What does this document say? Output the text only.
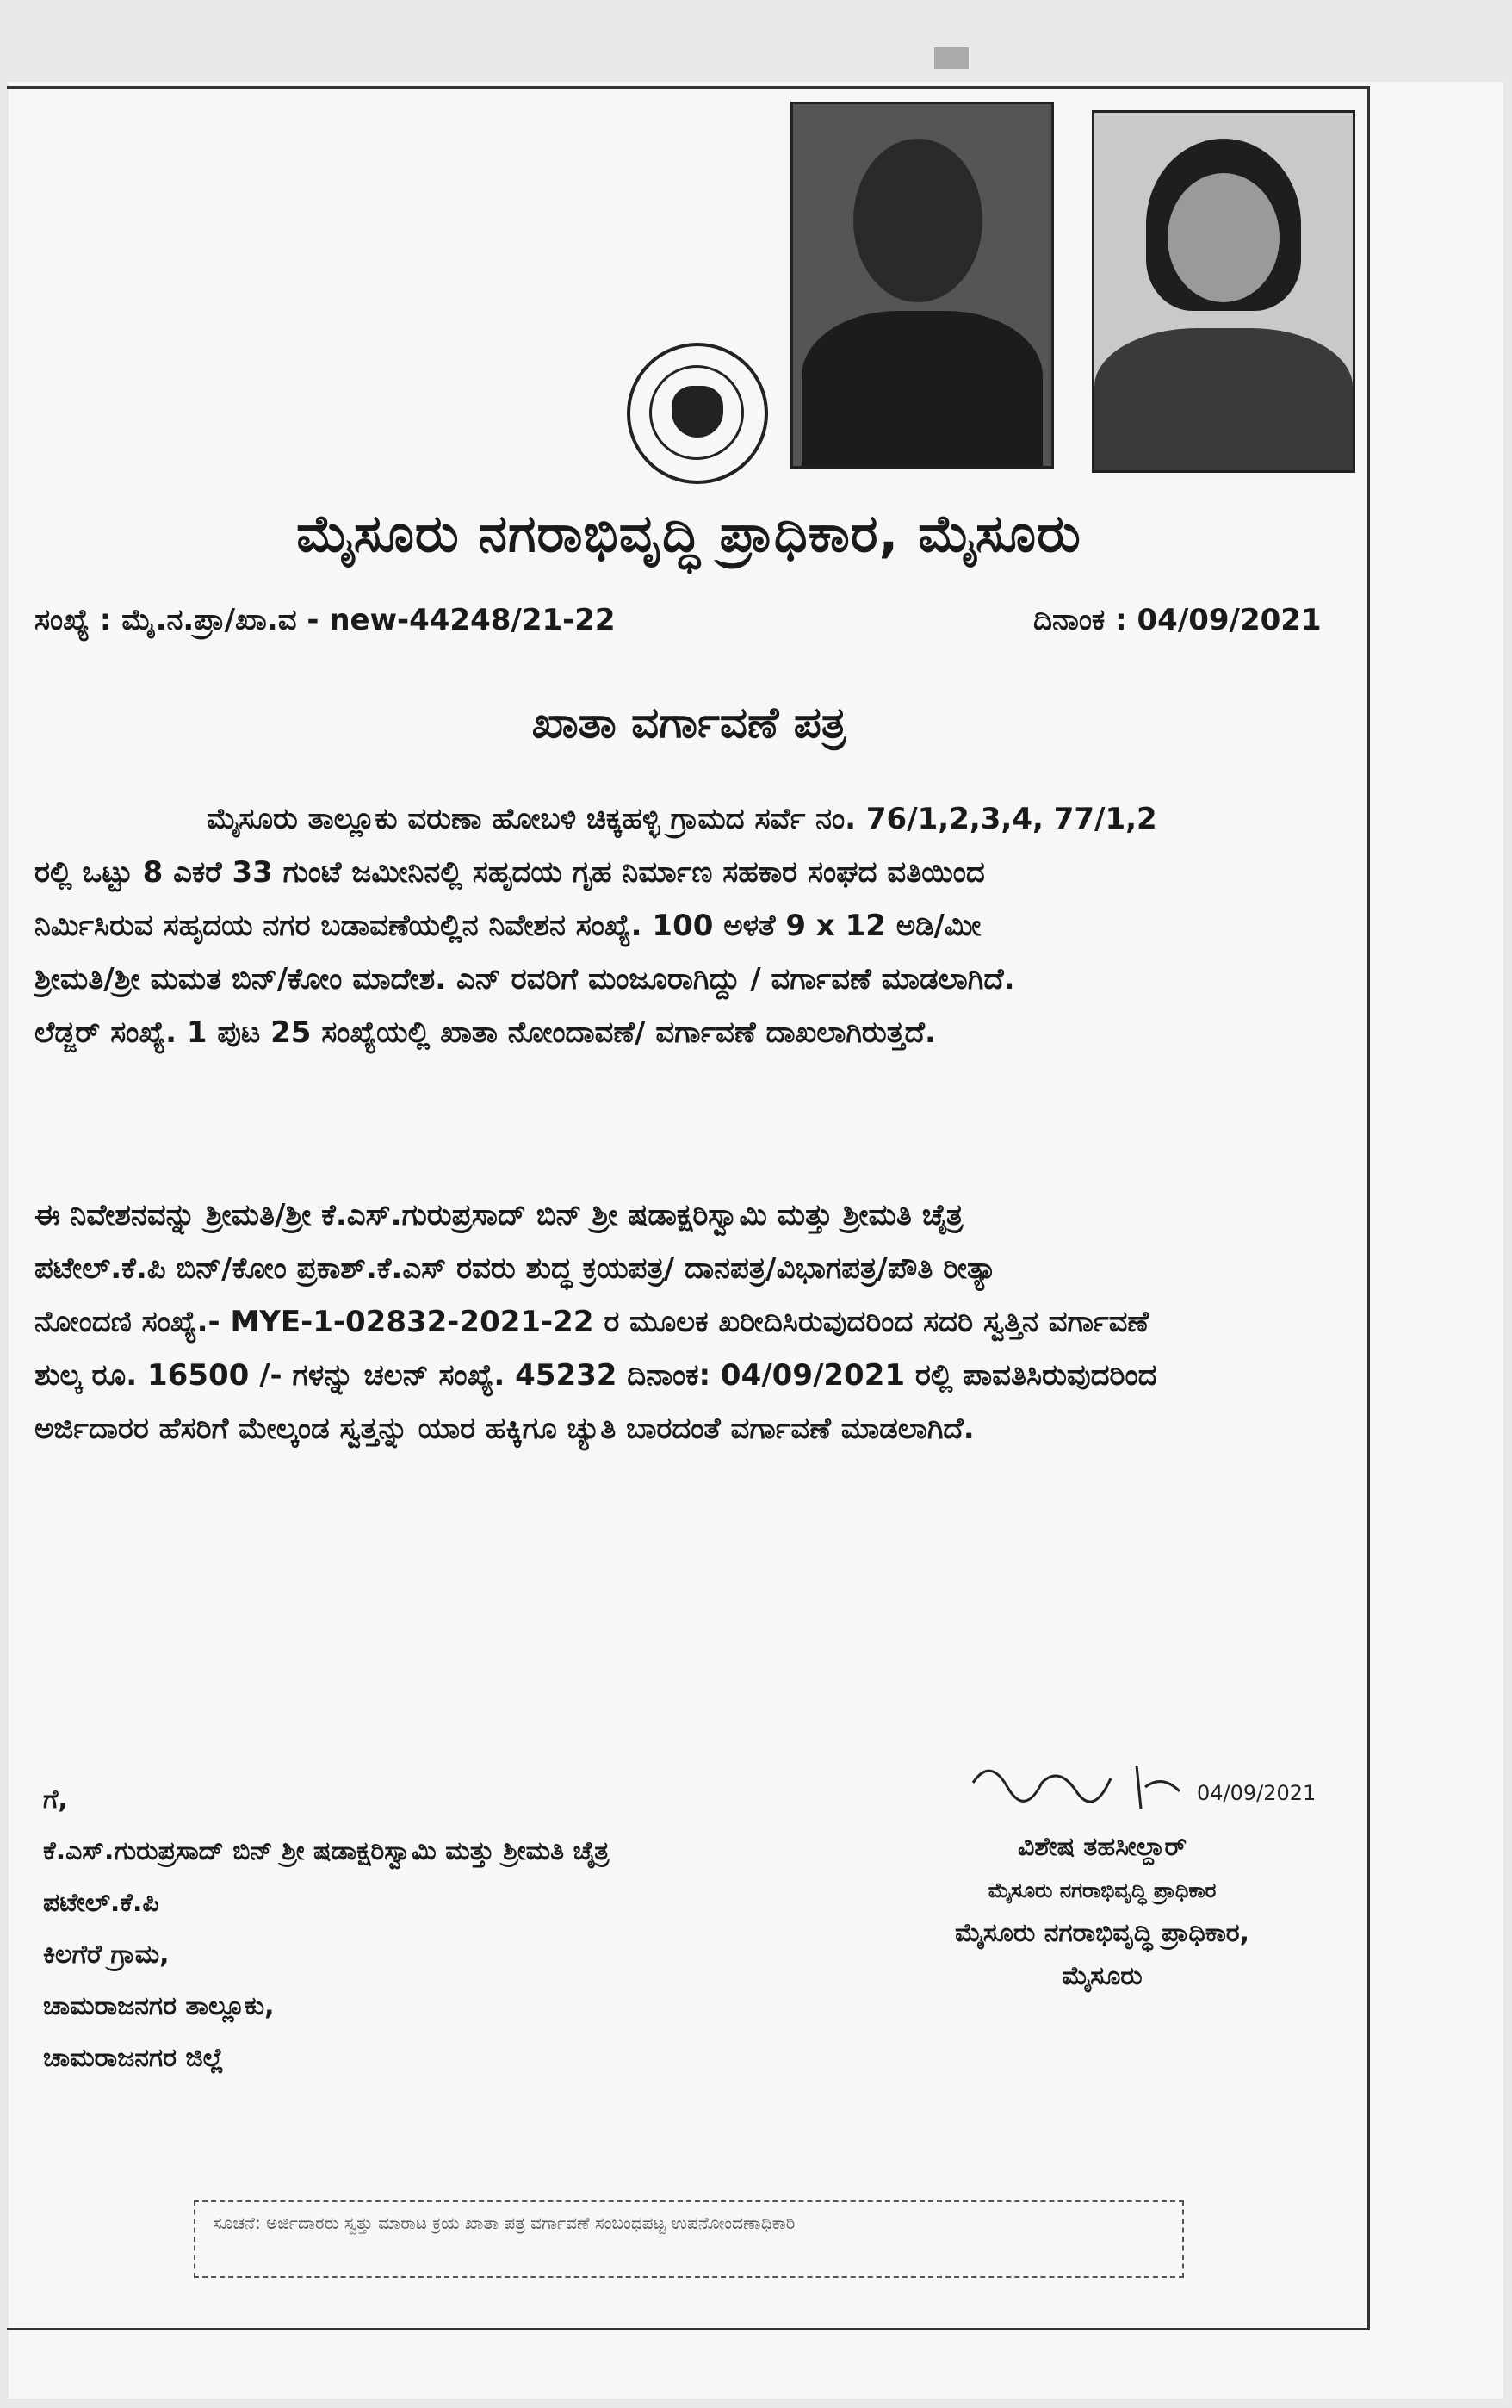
ಮೈಸೂರು ನಗರಾಭಿವೃದ್ಧಿ ಪ್ರಾಧಿಕಾರ, ಮೈಸೂರು
ಸಂಖ್ಯೆ : ಮೈ.ನ.ಪ್ರಾ/ಖಾ.ವ - new-44248/21-22	ದಿನಾಂಕ : 04/09/2021
ಖಾತಾ ವರ್ಗಾವಣೆ ಪತ್ರ
ಮೈಸೂರು ತಾಲ್ಲೂಕು ವರುಣಾ ಹೋಬಳಿ ಚಿಕ್ಕಹಳ್ಳಿ ಗ್ರಾಮದ ಸರ್ವೆ ನಂ. 76/1,2,3,4, 77/1,2
ರಲ್ಲಿ ಒಟ್ಟು 8 ಎಕರೆ 33 ಗುಂಟೆ ಜಮೀನಿನಲ್ಲಿ ಸಹೃದಯ ಗೃಹ ನಿರ್ಮಾಣ ಸಹಕಾರ ಸಂಘದ ವತಿಯಿಂದ
ನಿರ್ಮಿಸಿರುವ ಸಹೃದಯ ನಗರ ಬಡಾವಣೆಯಲ್ಲಿನ ನಿವೇಶನ ಸಂಖ್ಯೆ. 100 ಅಳತೆ 9 x 12 ಅಡಿ/ಮೀ
ಶ್ರೀಮತಿ/ಶ್ರೀ ಮಮತ ಬಿನ್/ಕೋಂ ಮಾದೇಶ. ಎನ್ ರವರಿಗೆ ಮಂಜೂರಾಗಿದ್ದು / ವರ್ಗಾವಣೆ ಮಾಡಲಾಗಿದೆ.
ಲೆಡ್ಜರ್ ಸಂಖ್ಯೆ. 1 ಪುಟ 25 ಸಂಖ್ಯೆಯಲ್ಲಿ ಖಾತಾ ನೋಂದಾವಣೆ/ ವರ್ಗಾವಣೆ ದಾಖಲಾಗಿರುತ್ತದೆ.
ಈ ನಿವೇಶನವನ್ನು ಶ್ರೀಮತಿ/ಶ್ರೀ ಕೆ.ಎಸ್.ಗುರುಪ್ರಸಾದ್ ಬಿನ್ ಶ್ರೀ ಷಡಾಕ್ಷರಿಸ್ವಾಮಿ ಮತ್ತು ಶ್ರೀಮತಿ ಚೈತ್ರ
ಪಟೇಲ್.ಕೆ.ಪಿ ಬಿನ್/ಕೋಂ ಪ್ರಕಾಶ್.ಕೆ.ಎಸ್ ರವರು ಶುದ್ಧ ಕ್ರಯಪತ್ರ/ ದಾನಪತ್ರ/ವಿಭಾಗಪತ್ರ/ಪೌತಿ ರೀತ್ಯಾ
ನೋಂದಣಿ ಸಂಖ್ಯೆ.- MYE-1-02832-2021-22 ರ ಮೂಲಕ ಖರೀದಿಸಿರುವುದರಿಂದ ಸದರಿ ಸ್ವತ್ತಿನ ವರ್ಗಾವಣೆ
ಶುಲ್ಕ ರೂ. 16500 /- ಗಳನ್ನು ಚಲನ್ ಸಂಖ್ಯೆ. 45232 ದಿನಾಂಕ: 04/09/2021 ರಲ್ಲಿ ಪಾವತಿಸಿರುವುದರಿಂದ
ಅರ್ಜಿದಾರರ ಹೆಸರಿಗೆ ಮೇಲ್ಕಂಡ ಸ್ವತ್ತನ್ನು ಯಾರ ಹಕ್ಕಿಗೂ ಚ್ಯುತಿ ಬಾರದಂತೆ ವರ್ಗಾವಣೆ ಮಾಡಲಾಗಿದೆ.
ಗೆ,
ಕೆ.ಎಸ್.ಗುರುಪ್ರಸಾದ್ ಬಿನ್ ಶ್ರೀ ಷಡಾಕ್ಷರಿಸ್ವಾಮಿ ಮತ್ತು ಶ್ರೀಮತಿ ಚೈತ್ರ
ಪಟೇಲ್.ಕೆ.ಪಿ
ಕಿಲಗೆರೆ ಗ್ರಾಮ,
ಚಾಮರಾಜನಗರ ತಾಲ್ಲೂಕು,
ಚಾಮರಾಜನಗರ ಜಿಲ್ಲೆ
04/09/2021
ವಿಶೇಷ ತಹಸೀಲ್ದಾರ್
ಮೈಸೂರು ನಗರಾಭಿವೃದ್ಧಿ ಪ್ರಾಧಿಕಾರ
ಮೈಸೂರು ನಗರಾಭಿವೃದ್ಧಿ ಪ್ರಾಧಿಕಾರ,
ಮೈಸೂರು
ಸೂಚನೆ: ಅರ್ಜಿದಾರರು ಸ್ವತ್ತು ಮಾರಾಟ ಕ್ರಯ ಖಾತಾ ಪತ್ರ ವರ್ಗಾವಣೆ ಸಂಬಂಧಪಟ್ಟ ಉಪನೋಂದಣಾಧಿಕಾರಿ
